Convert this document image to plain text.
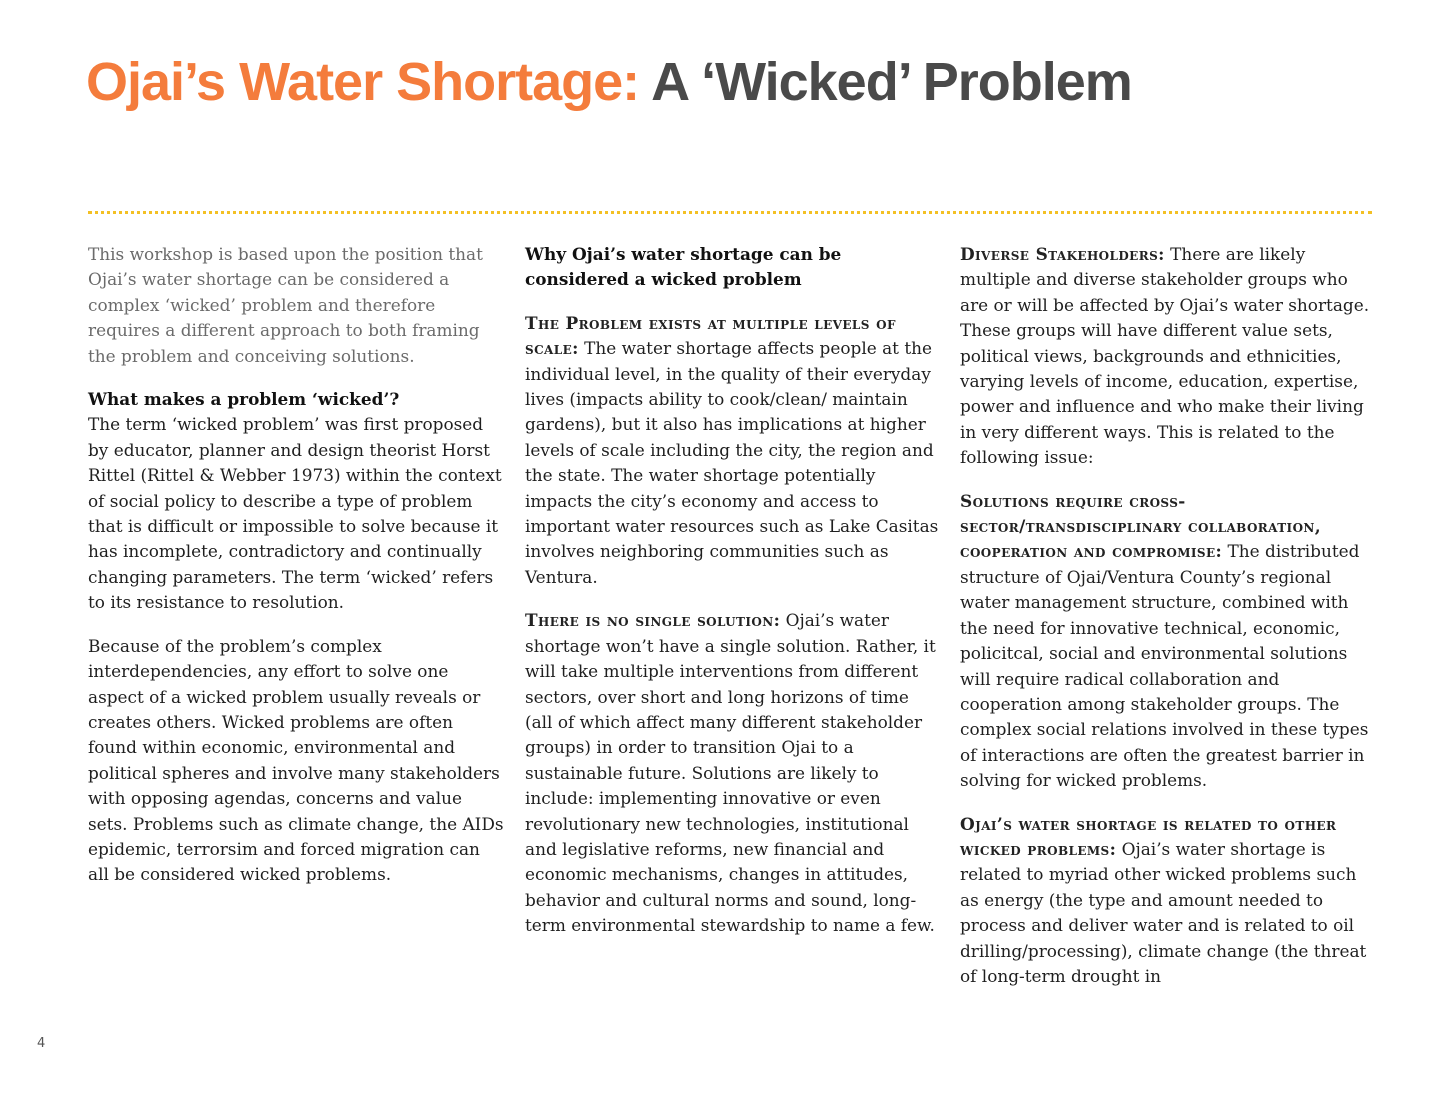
Ojai’s Water Shortage: A ‘Wicked’ Problem

This workshop is based upon the position that Ojai’s water shortage can be considered a complex ‘wicked’ problem and therefore requires a different approach to both framing the problem and conceiving solutions.

What makes a problem ‘wicked’?

The term ‘wicked problem’ was first proposed by educator, planner and design theorist Horst Rittel (Rittel & Webber 1973) within the context of social policy to describe a type of problem that is difficult or impossible to solve because it has incomplete, contradictory and continually changing parameters. The term ‘wicked’ refers to its resistance to resolution.

Because of the problem’s complex interdependencies, any effort to solve one aspect of a wicked problem usually reveals or creates others. Wicked problems are often found within economic, environmental and political spheres and involve many stakeholders with opposing agendas, concerns and value sets. Problems such as climate change, the AIDs epidemic, terrorsim and forced migration can all be considered wicked problems.

Why Ojai’s water shortage can be considered a wicked problem

The Problem exists at multiple levels of scale: The water shortage affects people at the individual level, in the quality of their everyday lives (impacts ability to cook/clean/ maintain gardens), but it also has implications at higher levels of scale including the city, the region and the state. The water shortage potentially impacts the city’s economy and access to important water resources such as Lake Casitas involves neighboring communities such as Ventura.

There is no single solution: Ojai’s water shortage won’t have a single solution. Rather, it will take multiple interventions from different sectors, over short and long horizons of time (all of which affect many different stakeholder groups) in order to transition Ojai to a sustainable future. Solutions are likely to include: implementing innovative or even revolutionary new technologies, institutional and legislative reforms, new financial and economic mechanisms, changes in attitudes, behavior and cultural norms and sound, long-term environmental stewardship to name a few.

Diverse Stakeholders: There are likely multiple and diverse stakeholder groups who are or will be affected by Ojai’s water shortage. These groups will have different value sets, political views, backgrounds and ethnicities, varying levels of income, education, expertise, power and influence and who make their living in very different ways. This is related to the following issue:

Solutions require cross-sector/transdisciplinary collaboration, cooperation and compromise: The distributed structure of Ojai/Ventura County’s regional water management structure, combined with the need for innovative technical, economic, policitcal, social and environmental solutions will require radical collaboration and cooperation among stakeholder groups. The complex social relations involved in these types of interactions are often the greatest barrier in solving for wicked problems.

Ojai’s water shortage is related to other wicked problems: Ojai’s water shortage is related to myriad other wicked problems such as energy (the type and amount needed to process and deliver water and is related to oil drilling/processing), climate change (the threat of long-term drought in

4
